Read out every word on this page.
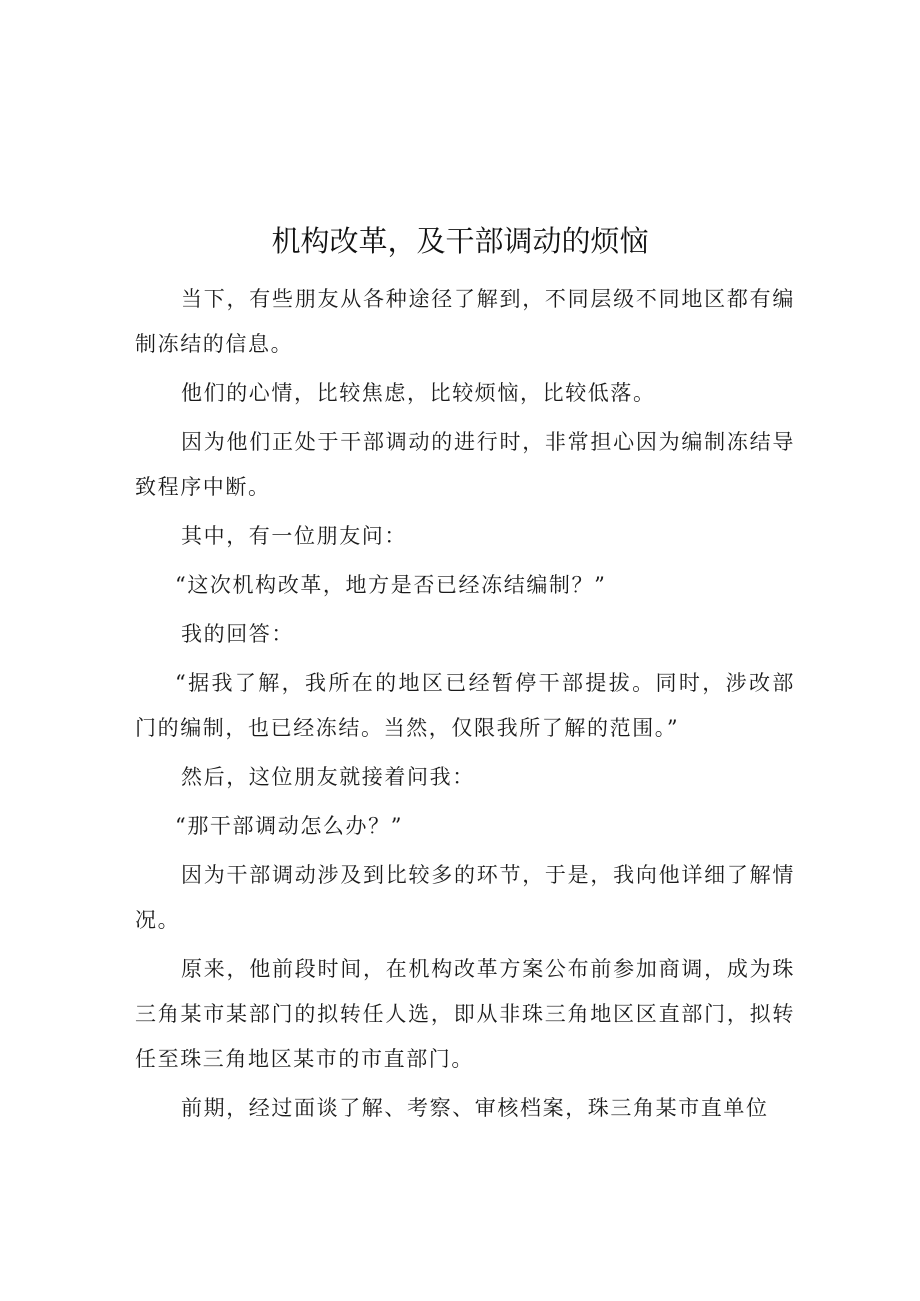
机构改革，及干部调动的烦恼

当下，有些朋友从各种途径了解到，不同层级不同地区都有编制冻结的信息。

他们的心情，比较焦虑，比较烦恼，比较低落。

因为他们正处于干部调动的进行时，非常担心因为编制冻结导致程序中断。

其中，有一位朋友问：

“这次机构改革，地方是否已经冻结编制？”

我的回答：

“据我了解，我所在的地区已经暂停干部提拔。同时，涉改部门的编制，也已经冻结。当然，仅限我所了解的范围。”

然后，这位朋友就接着问我：

“那干部调动怎么办？”

因为干部调动涉及到比较多的环节，于是，我向他详细了解情况。

原来，他前段时间，在机构改革方案公布前参加商调，成为珠三角某市某部门的拟转任人选，即从非珠三角地区区直部门，拟转任至珠三角地区某市的市直部门。

前期，经过面谈了解、考察、审核档案，珠三角某市直单位
